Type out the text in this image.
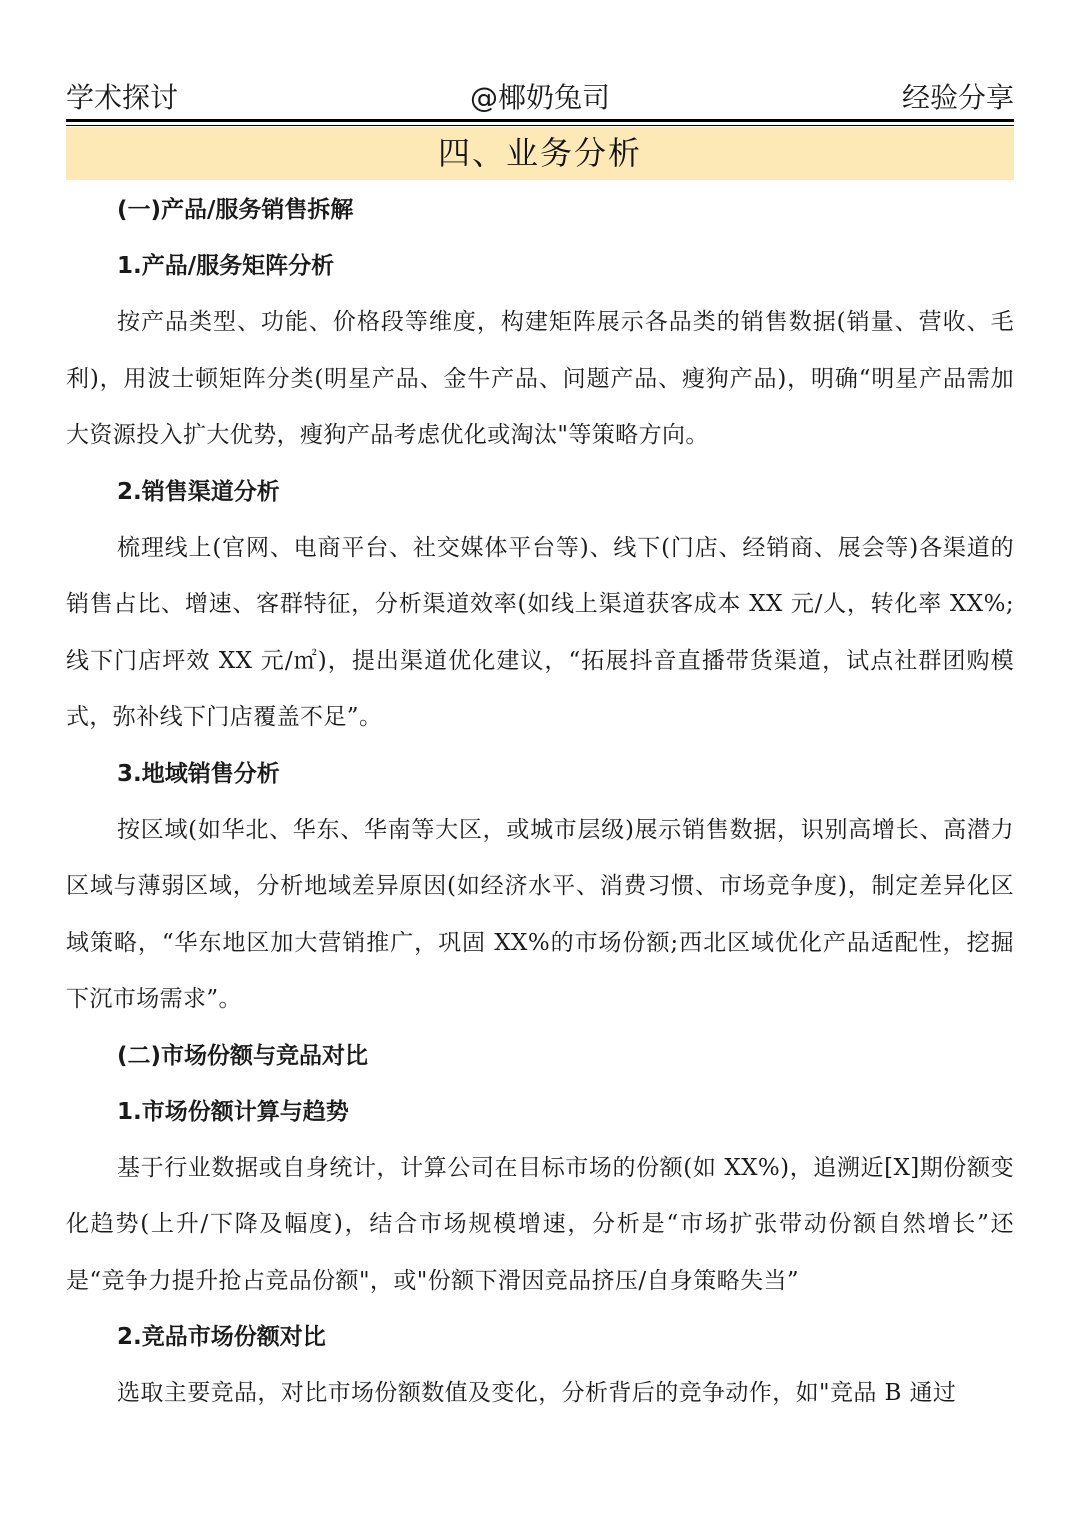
学术探讨	@椰奶兔司	经验分享
四、业务分析
(一)产品/服务销售拆解
1.产品/服务矩阵分析

按产品类型、功能、价格段等维度，构建矩阵展示各品类的销售数据(销量、营收、毛利)，用波士顿矩阵分类(明星产品、金牛产品、问题产品、瘦狗产品)，明确“明星产品需加大资源投入扩大优势，瘦狗产品考虑优化或淘汰"等策略方向。

2.销售渠道分析

梳理线上(官网、电商平台、社交媒体平台等)、线下(门店、经销商、展会等)各渠道的销售占比、增速、客群特征，分析渠道效率(如线上渠道获客成本 XX 元/人，转化率 XX%;线下门店坪效 XX 元/㎡)，提出渠道优化建议，“拓展抖音直播带货渠道，试点社群团购模式，弥补线下门店覆盖不足”。

3.地域销售分析

按区域(如华北、华东、华南等大区，或城市层级)展示销售数据，识别高增长、高潜力区域与薄弱区域，分析地域差异原因(如经济水平、消费习惯、市场竞争度)，制定差异化区域策略，“华东地区加大营销推广，巩固 XX%的市场份额;西北区域优化产品适配性，挖掘下沉市场需求”。

(二)市场份额与竞品对比
1.市场份额计算与趋势

基于行业数据或自身统计，计算公司在目标市场的份额(如 XX%)，追溯近[X]期份额变化趋势(上升/下降及幅度)，结合市场规模增速，分析是“市场扩张带动份额自然增长”还是“竞争力提升抢占竞品份额"，或"份额下滑因竞品挤压/自身策略失当”

2.竞品市场份额对比

选取主要竞品，对比市场份额数值及变化，分析背后的竞争动作，如"竞品 B 通过
